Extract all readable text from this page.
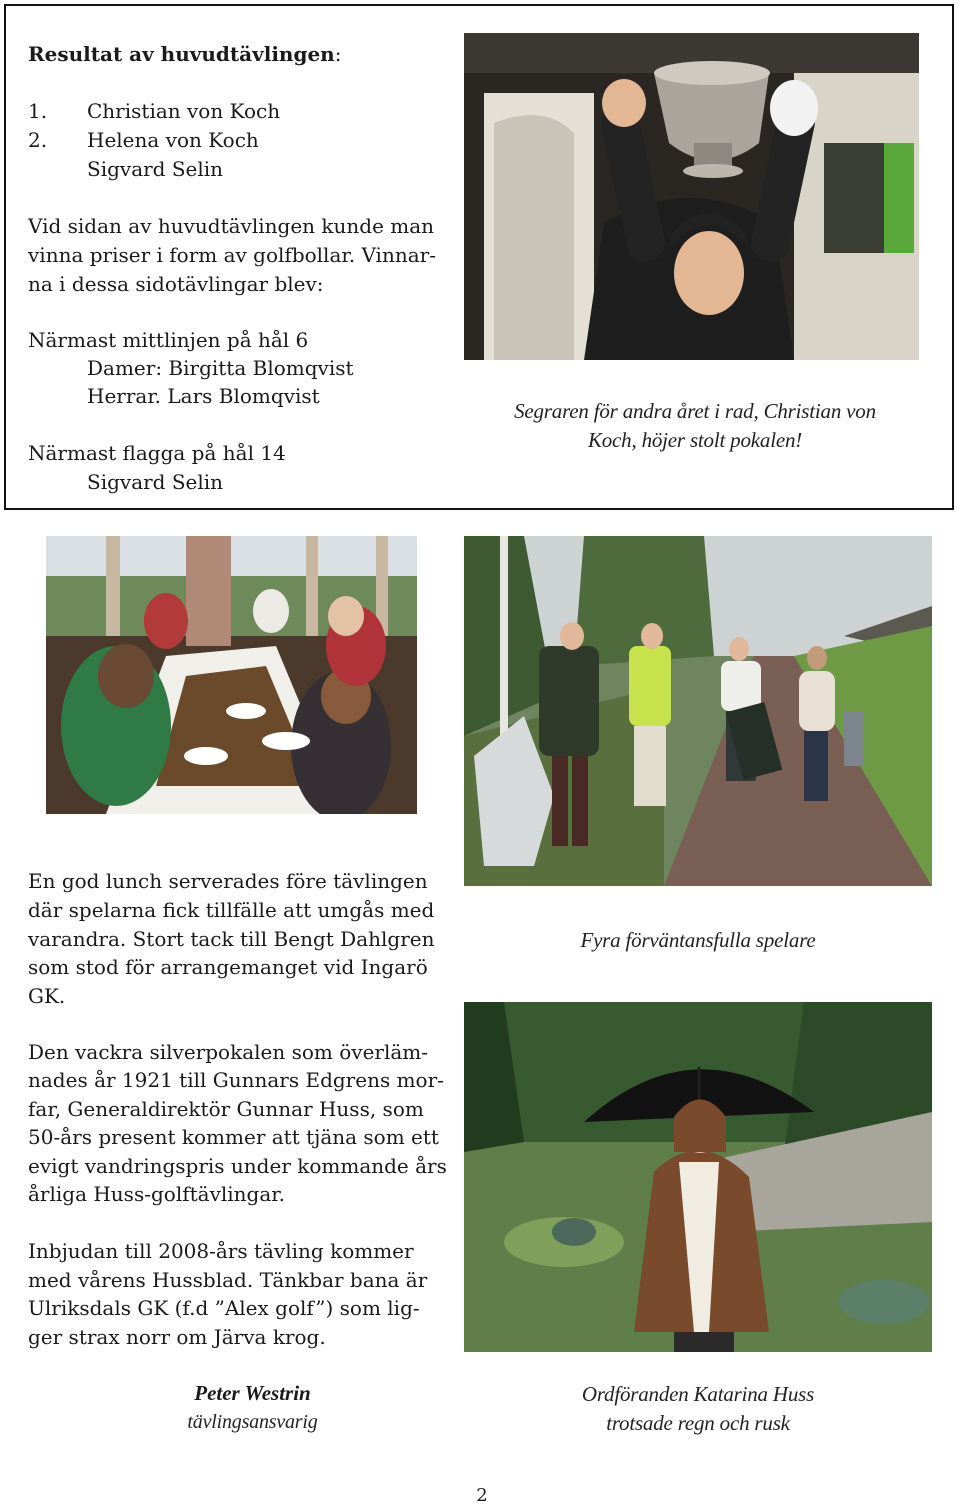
Resultat av huvudtävlingen:

1. Christian von Koch

2. Helena von Koch

Sigvard Selin

Vid sidan av huvudtävlingen kunde man

vinna priser i form av golfbollar. Vinnar-

na i dessa sidotävlingar blev:

Närmast mittlinjen på hål 6

Damer: Birgitta Blomqvist

Herrar. Lars Blomqvist

Närmast flagga på hål 14

Sigvard Selin

Segraren för andra året i rad, Christian von

Koch, höjer stolt pokalen!

En god lunch serverades före tävlingen

där spelarna fick tillfälle att umgås med

varandra. Stort tack till Bengt Dahlgren

som stod för arrangemanget vid Ingarö

GK.

Fyra förväntansfulla spelare

Den vackra silverpokalen som överläm-

nades år 1921 till Gunnars Edgrens mor-

far, Generaldirektör Gunnar Huss, som

50-års present kommer att tjäna som ett

evigt vandringspris under kommande års

årliga Huss-golftävlingar.

Inbjudan till 2008-års tävling kommer

med vårens Hussblad. Tänkbar bana är

Ulriksdals GK (f.d ”Alex golf”) som lig-

ger strax norr om Järva krog.

Peter Westrin

tävlingsansvarig

Ordföranden Katarina Huss

trotsade regn och rusk

2
